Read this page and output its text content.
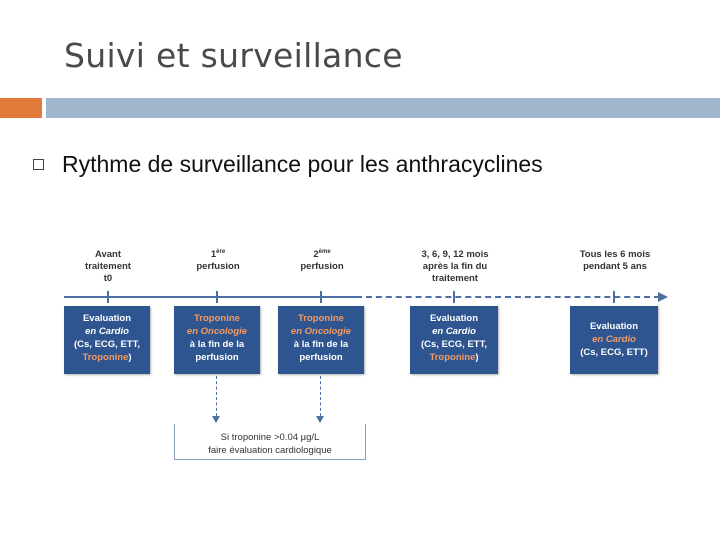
Suivi et surveillance
Rythme de surveillance pour les anthracyclines
Avant
traitement
t0
1ère
perfusion
2ème
perfusion
3, 6, 9, 12 mois
après la fin du
traitement
Tous les 6 mois
pendant 5 ans
Evaluation
en Cardio
(Cs, ECG, ETT,
Troponine)
Troponine
en Oncologie
à la fin de la
perfusion
Troponine
en Oncologie
à la fin de la
perfusion
Evaluation
en Cardio
(Cs, ECG, ETT,
Troponine)
Evaluation
en Cardio
(Cs, ECG, ETT)
Si troponine >0.04 µg/L
faire évaluation cardiologique
